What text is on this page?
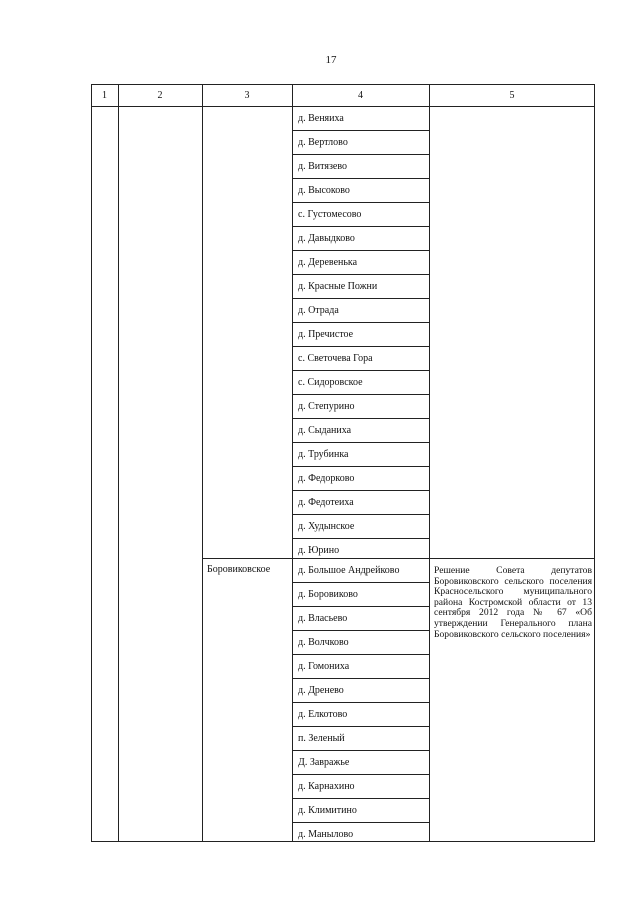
17
1	2	3	4	5
д. Веняиха
д. Вертлово
д. Витязево
д. Высоково
с. Густомесово
д. Давыдково
д. Деревенька
д. Красные Пожни
д. Отрада
д. Пречистое
с. Светочева Гора
с. Сидоровское
д. Степурино
д. Сыданиха
д. Трубинка
д. Федорково
д. Федотеиха
д. Худынское
д. Юрино
Боровиковское	д. Большое Андрейково
д. Боровиково
д. Власьево
д. Волчково
д. Гомониха
д. Дренево
д. Елкотово
п. Зеленый
Д. Завражье
д. Карнахино
д. Климитино
д. Манылово
Решение Совета депутатов Боровиковского сельского поселения Красносельского муниципального района Костромской области от 13 сентября 2012 года № 67 «Об утверждении Генерального плана Боровиковского сельского поселения»
